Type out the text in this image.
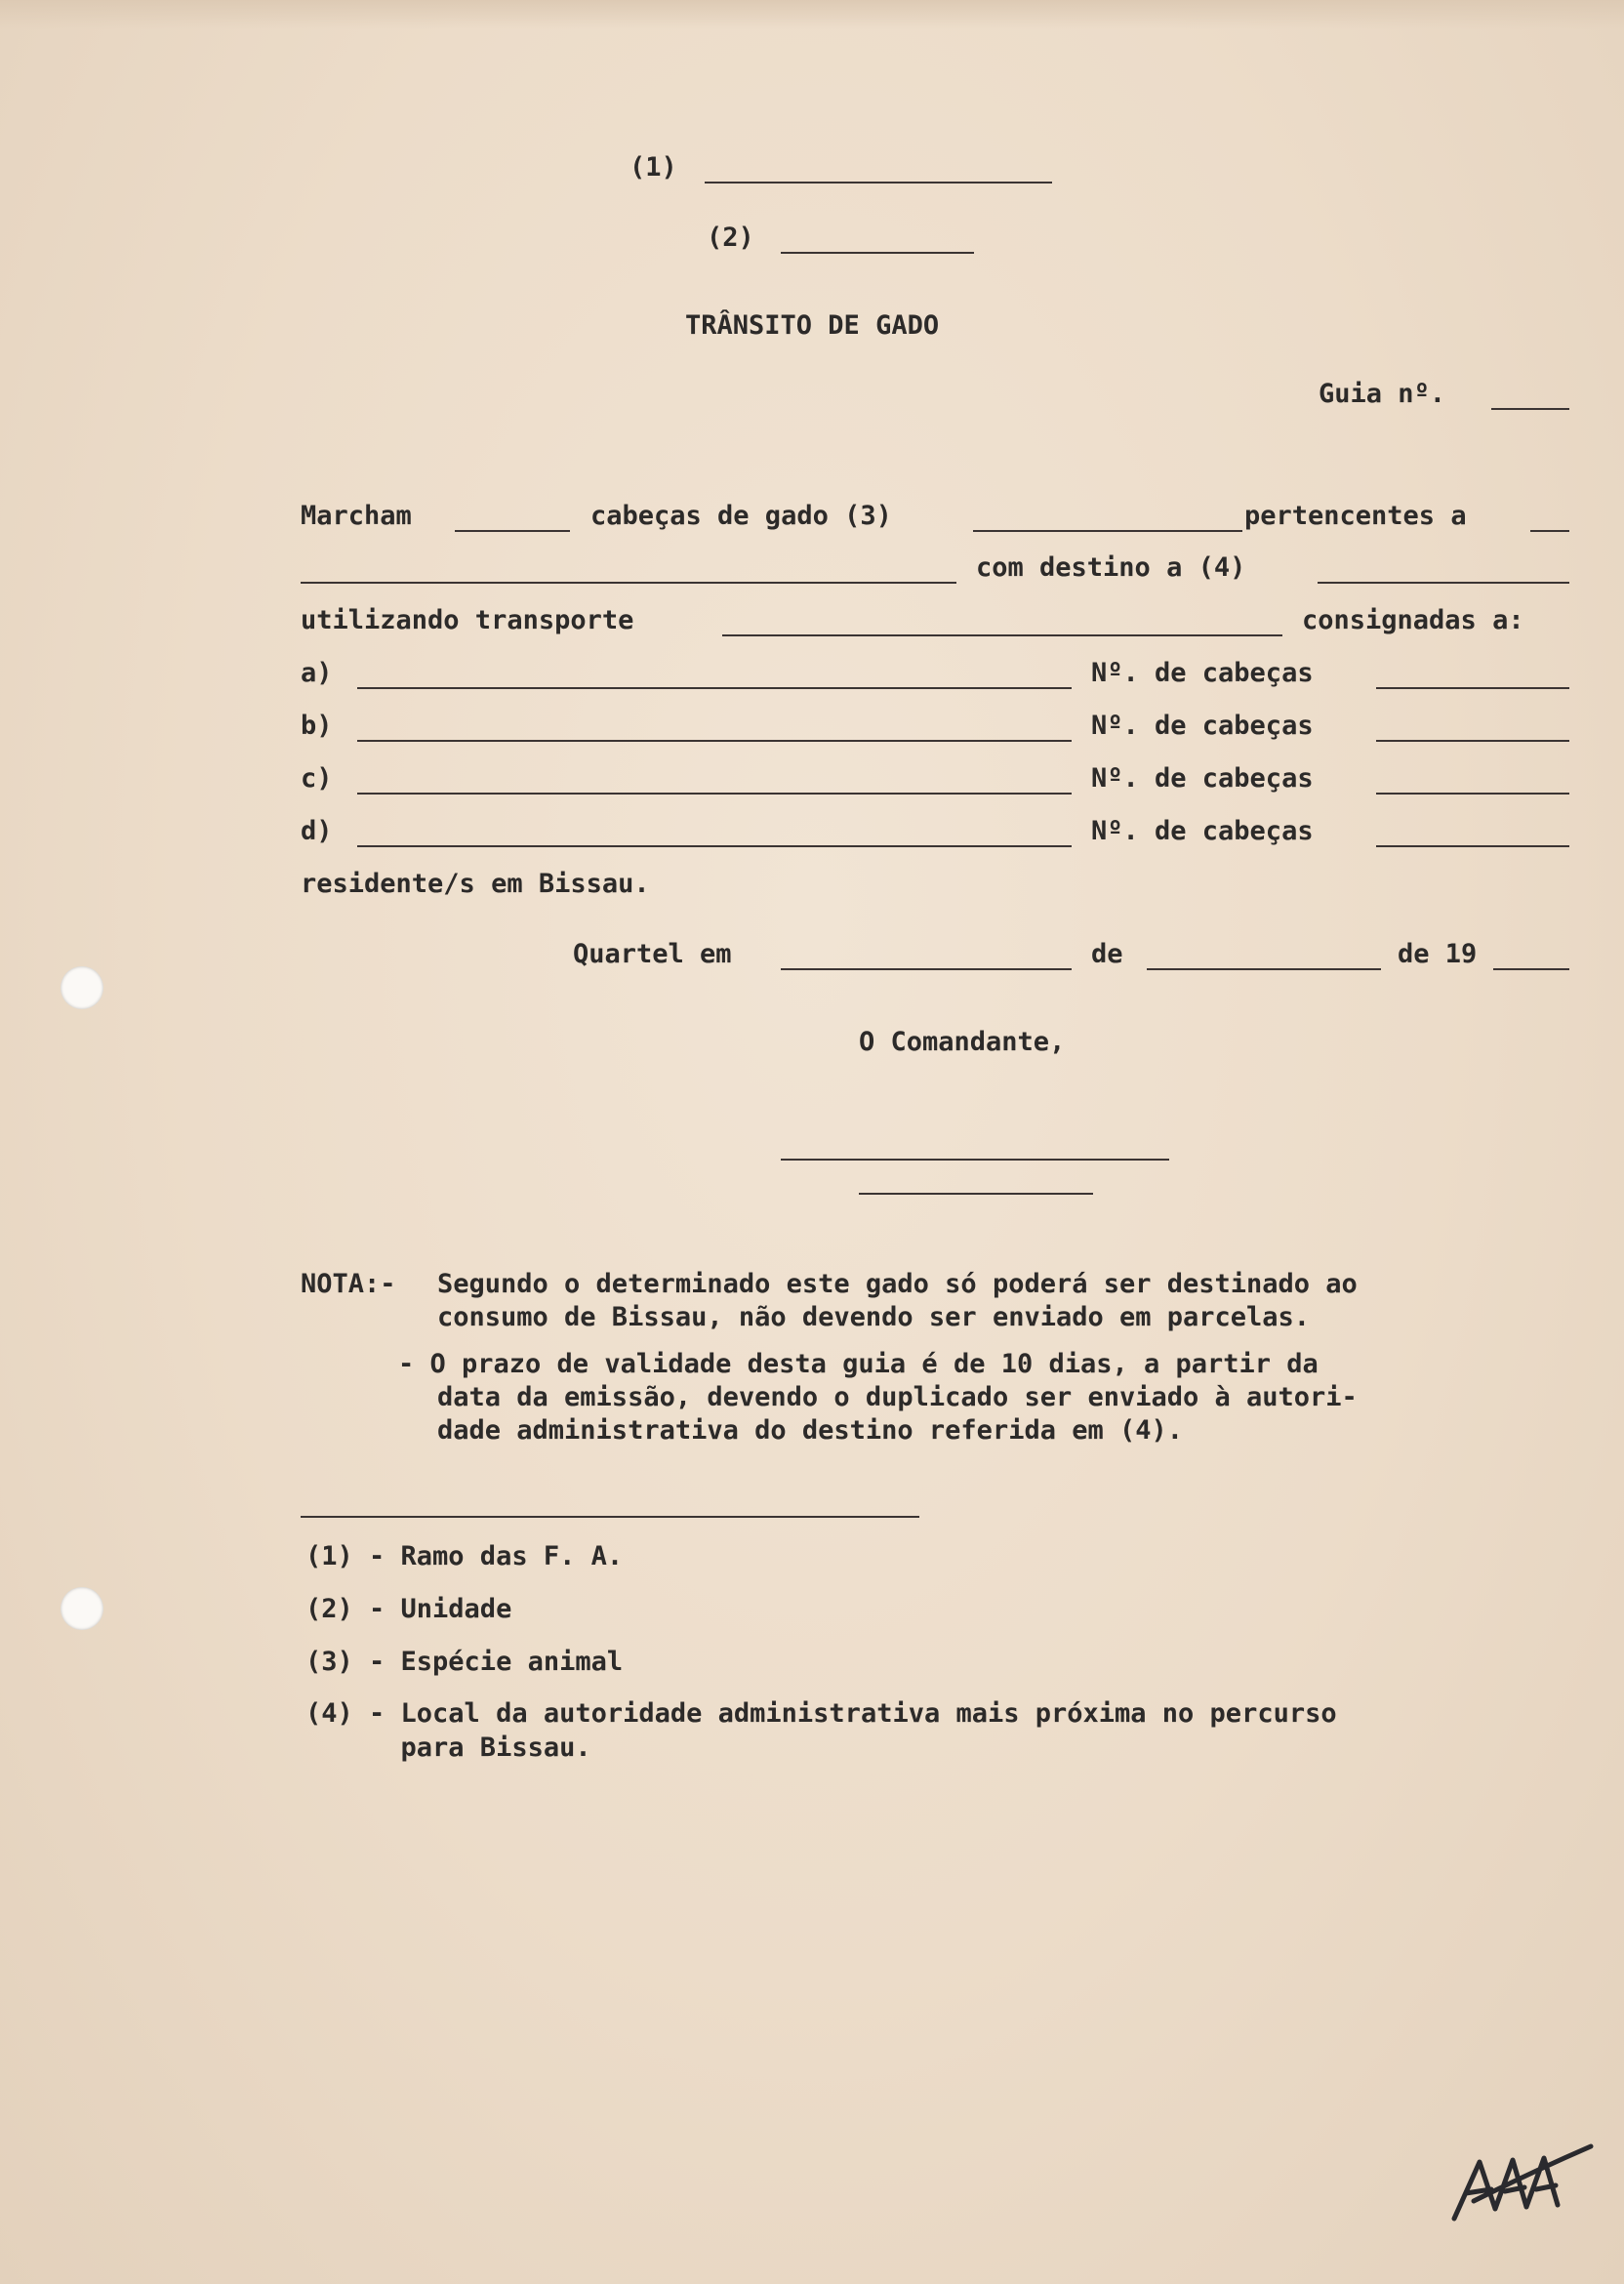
(1)
(2)
TRÂNSITO DE GADO
Guia nº.
Marcham	cabeças de gado (3)	pertencentes a
com destino a (4)
utilizando transporte	consignadas a:
a)	Nº. de cabeças
b)	Nº. de cabeças
c)	Nº. de cabeças
d)	Nº. de cabeças
residente/s em Bissau.
Quartel em	de	de 19
O Comandante,
NOTA:- Segundo o determinado este gado só poderá ser destinado ao
consumo de Bissau, não devendo ser enviado em parcelas.
- O prazo de validade desta guia é de 10 dias, a partir da
data da emissão, devendo o duplicado ser enviado à autori-
dade administrativa do destino referida em (4).
(1) - Ramo das F. A.
(2) - Unidade
(3) - Espécie animal
(4) - Local da autoridade administrativa mais próxima no percurso
para Bissau.
